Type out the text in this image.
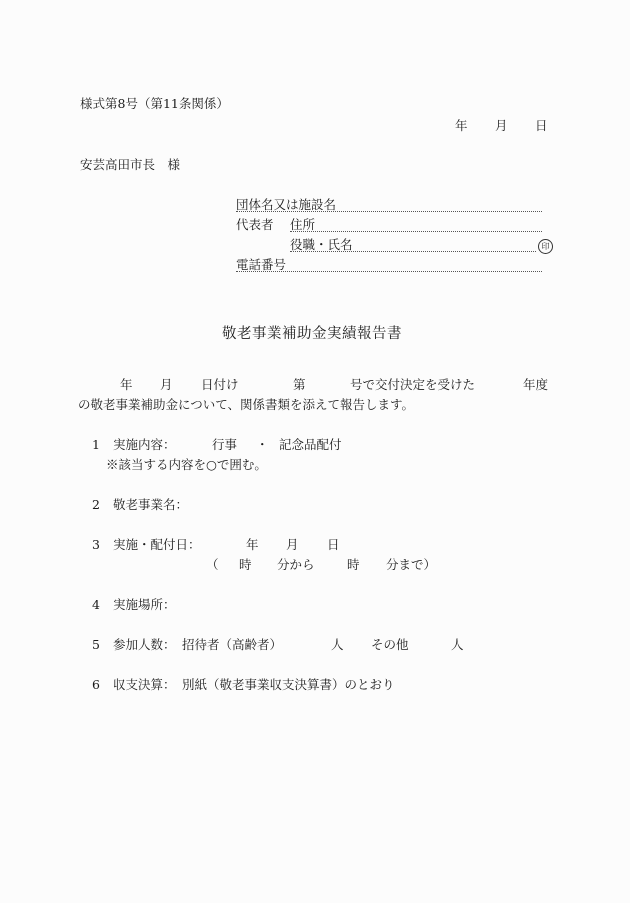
様式第8号（第11条関係）
年 月 日
安芸高田市長　様
団体名又は施設名
代表者 住所
役職・氏名	印
電話番号
敬老事業補助金実績報告書
年 月 日付け	第	号で交付決定を受けた	年度
の敬老事業補助金について、関係書類を添えて報告します。
1 実施内容：	行事 ・ 記念品配付
※該当する内容を○で囲む。
2 敬老事業名：
3 実施・配付日：	年 月 日
（ 時 分から	時 分まで）
4 実施場所：
5 参加人数： 招待者（高齢者）	人 その他	人
6 収支決算： 別紙（敬老事業収支決算書）のとおり
